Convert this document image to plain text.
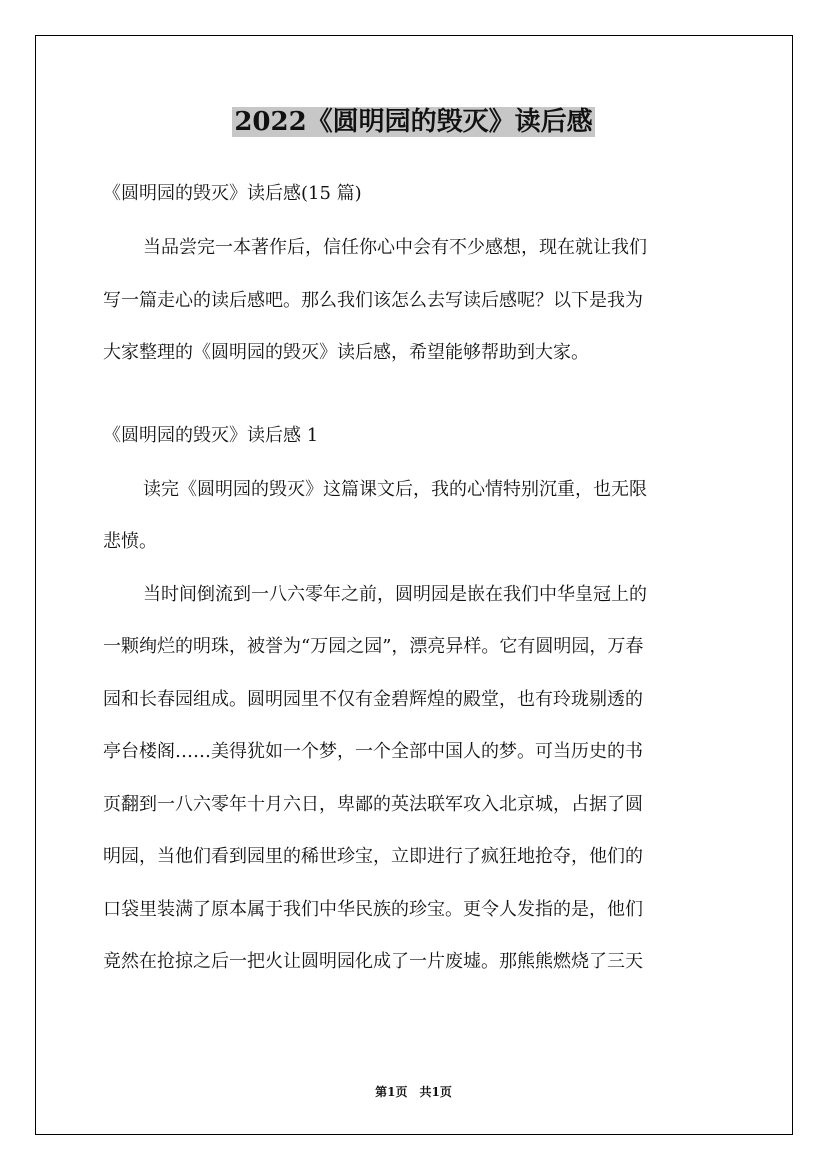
2022《圆明园的毁灭》读后感
《圆明园的毁灭》读后感(15 篇)
当品尝完一本著作后，信任你心中会有不少感想，现在就让我们
写一篇走心的读后感吧。那么我们该怎么去写读后感呢？以下是我为
大家整理的《圆明园的毁灭》读后感，希望能够帮助到大家。
《圆明园的毁灭》读后感 1
读完《圆明园的毁灭》这篇课文后，我的心情特别沉重，也无限
悲愤。
当时间倒流到一八六零年之前，圆明园是嵌在我们中华皇冠上的
一颗绚烂的明珠，被誉为“万园之园”，漂亮异样。它有圆明园，万春
园和长春园组成。圆明园里不仅有金碧辉煌的殿堂，也有玲珑剔透的
亭台楼阁……美得犹如一个梦，一个全部中国人的梦。可当历史的书
页翻到一八六零年十月六日，卑鄙的英法联军攻入北京城，占据了圆
明园，当他们看到园里的稀世珍宝，立即进行了疯狂地抢夺，他们的
口袋里装满了原本属于我们中华民族的珍宝。更令人发指的是，他们
竟然在抢掠之后一把火让圆明园化成了一片废墟。那熊熊燃烧了三天
第1页　共1页
